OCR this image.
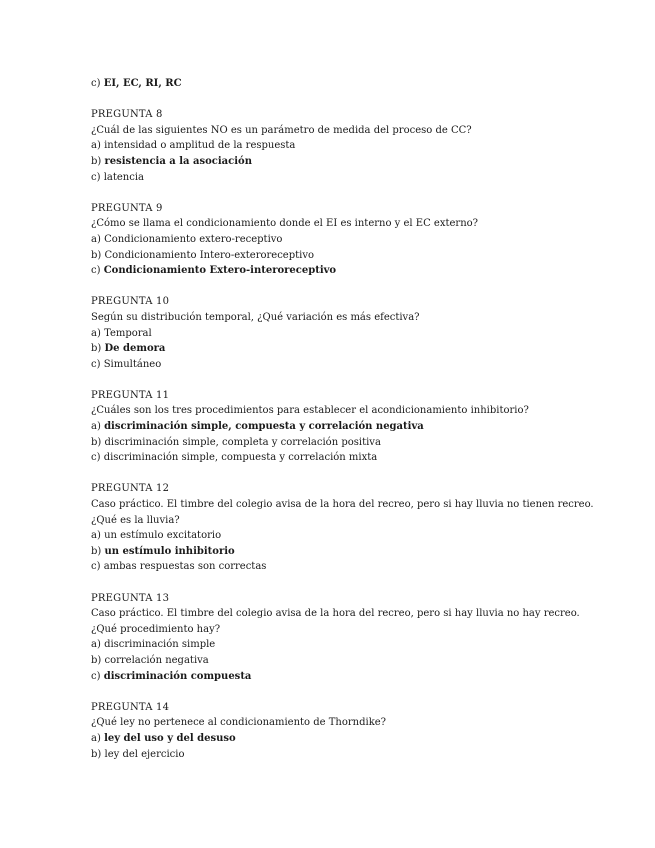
c) EI, EC, RI, RC
PREGUNTA 8
¿Cuál de las siguientes NO es un parámetro de medida del proceso de CC?
a) intensidad o amplitud de la respuesta
b) resistencia a la asociación
c) latencia
PREGUNTA 9
¿Cómo se llama el condicionamiento donde el EI es interno y el EC externo?
a) Condicionamiento extero-receptivo
b) Condicionamiento Intero-exteroreceptivo
c) Condicionamiento Extero-interoreceptivo
PREGUNTA 10
Según su distribución temporal, ¿Qué variación es más efectiva?
a) Temporal
b) De demora
c) Simultáneo
PREGUNTA 11
¿Cuáles son los tres procedimientos para establecer el acondicionamiento inhibitorio?
a) discriminación simple, compuesta y correlación negativa
b) discriminación simple, completa y correlación positiva
c) discriminación simple, compuesta y correlación mixta
PREGUNTA 12
Caso práctico. El timbre del colegio avisa de la hora del recreo, pero si hay lluvia no tienen recreo.
¿Qué es la lluvia?
a) un estímulo excitatorio
b) un estímulo inhibitorio
c) ambas respuestas son correctas
PREGUNTA 13
Caso práctico. El timbre del colegio avisa de la hora del recreo, pero si hay lluvia no hay recreo.
¿Qué procedimiento hay?
a) discriminación simple
b) correlación negativa
c) discriminación compuesta
PREGUNTA 14
¿Qué ley no pertenece al condicionamiento de Thorndike?
a) ley del uso y del desuso
b) ley del ejercicio
